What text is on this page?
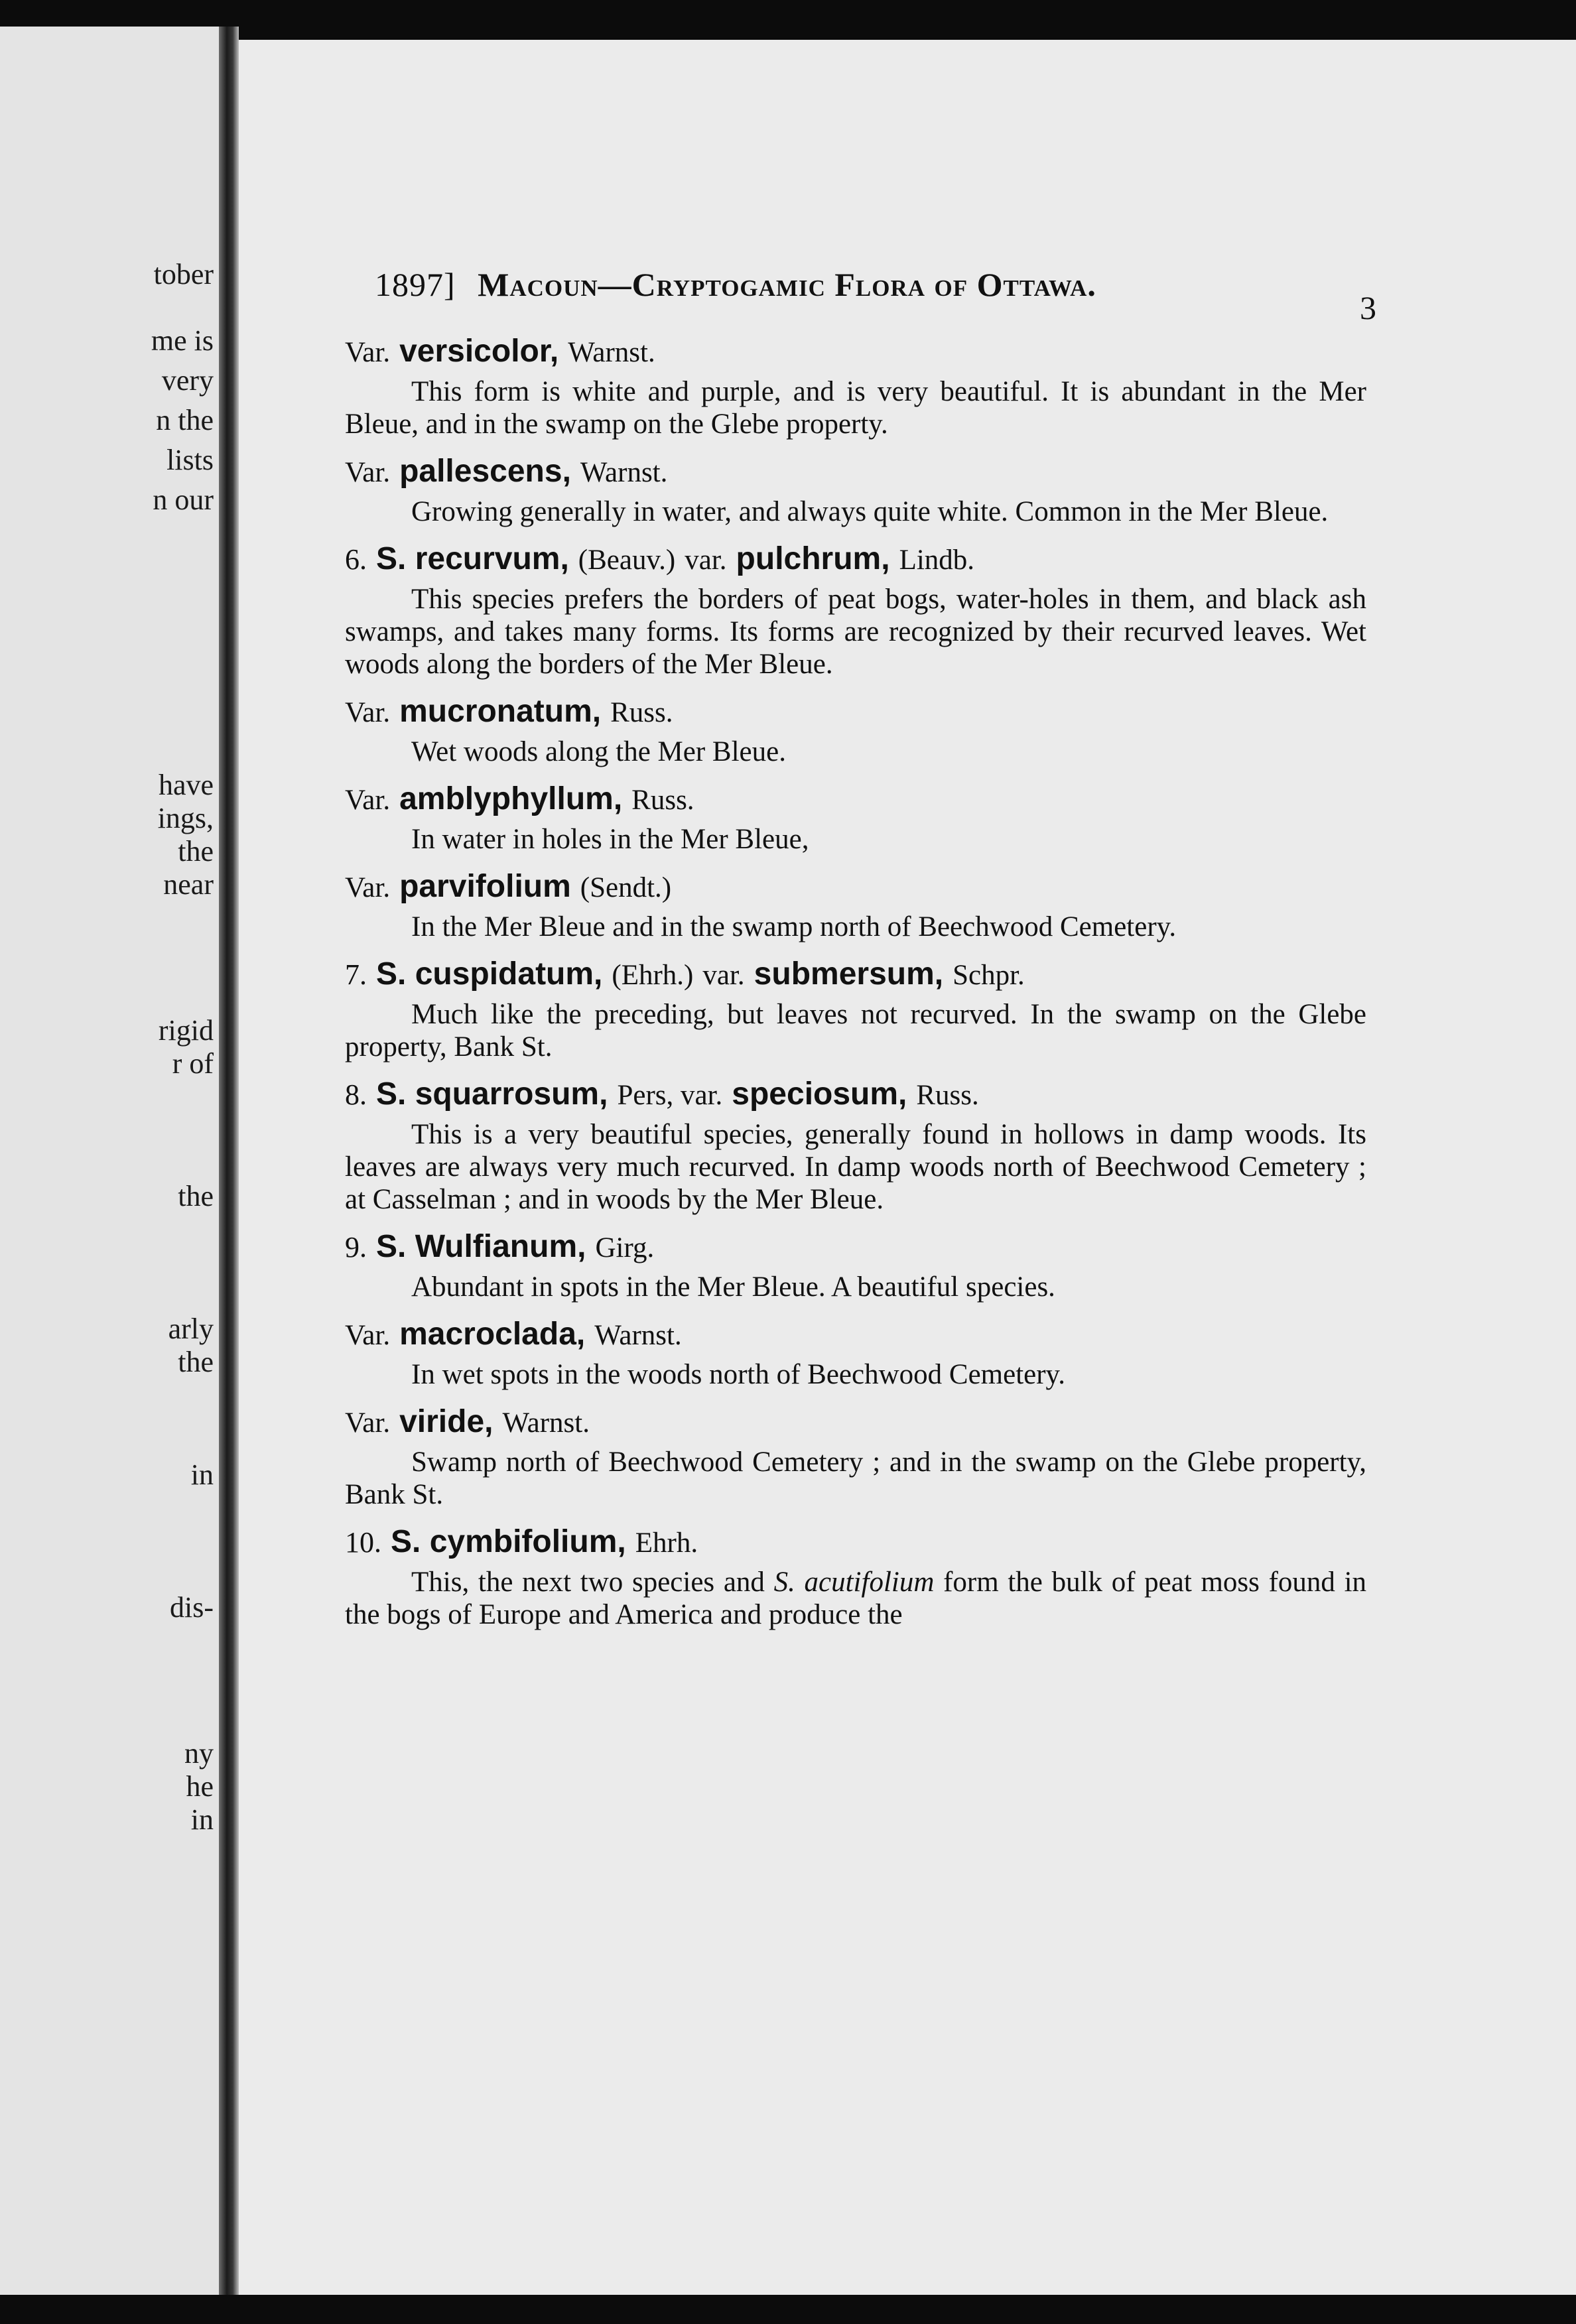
tober
me is
very
n the
lists
n our
have
ings,
the
near
rigid
r of
the
arly
the
in
dis-
ny
he
in
1897] Macoun—Cryptogamic Flora of Ottawa.
3
Var. versicolor, Warnst.

This form is white and purple, and is very beautiful. It is abundant in the Mer Bleue, and in the swamp on the Glebe property.

Var. pallescens, Warnst.

Growing generally in water, and always quite white. Common in the Mer Bleue.

6. S. recurvum, (Beauv.) var. pulchrum, Lindb.

This species prefers the borders of peat bogs, water-holes in them, and black ash swamps, and takes many forms. Its forms are recognized by their recurved leaves. Wet woods along the borders of the Mer Bleue.

Var. mucronatum, Russ.

Wet woods along the Mer Bleue.

Var. amblyphyllum, Russ.

In water in holes in the Mer Bleue,

Var. parvifolium (Sendt.)

In the Mer Bleue and in the swamp north of Beechwood Cemetery.

7. S. cuspidatum, (Ehrh.) var. submersum, Schpr.

Much like the preceding, but leaves not recurved. In the swamp on the Glebe property, Bank St.

8. S. squarrosum, Pers, var. speciosum, Russ.

This is a very beautiful species, generally found in hollows in damp woods. Its leaves are always very much recurved. In damp woods north of Beechwood Cemetery ; at Casselman ; and in woods by the Mer Bleue.

9. S. Wulfianum, Girg.

Abundant in spots in the Mer Bleue. A beautiful species.

Var. macroclada, Warnst.

In wet spots in the woods north of Beechwood Cemetery.

Var. viride, Warnst.

Swamp north of Beechwood Cemetery ; and in the swamp on the Glebe property, Bank St.

10. S. cymbifolium, Ehrh.

This, the next two species and S. acutifolium form the bulk of peat moss found in the bogs of Europe and America and produce the
